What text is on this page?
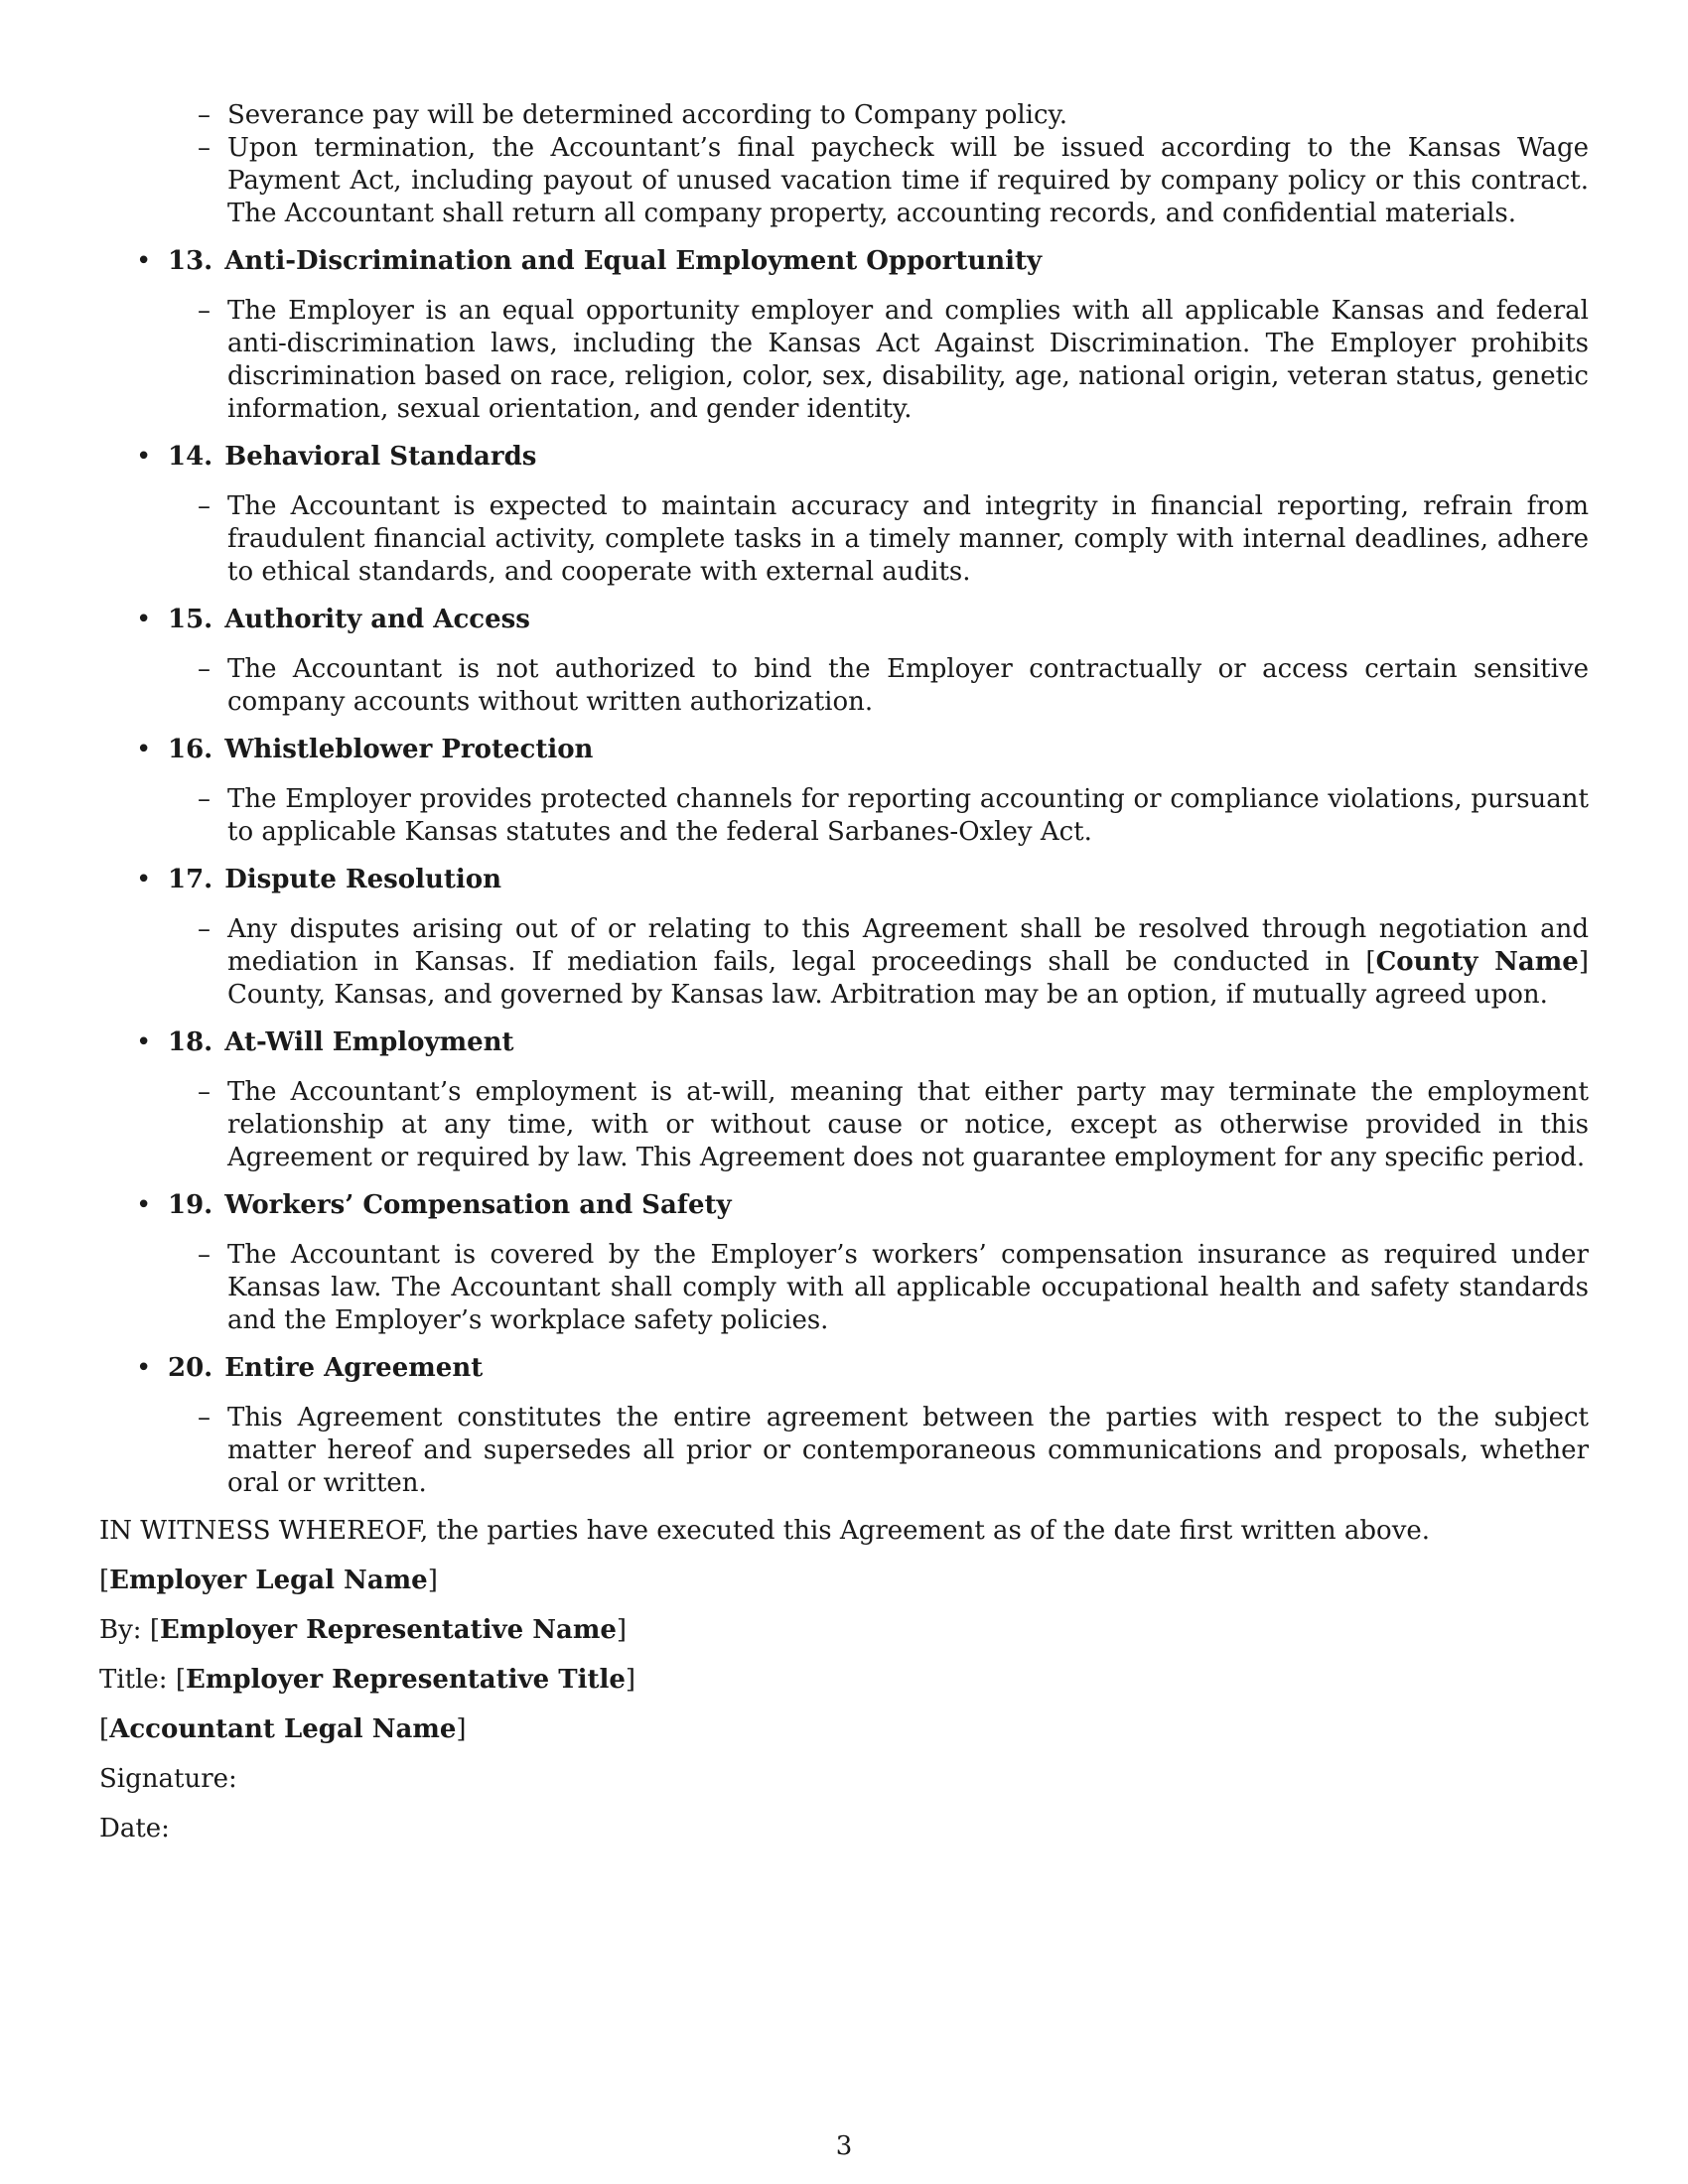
– Severance pay will be determined according to Company policy.
– Upon termination, the Accountant’s final paycheck will be issued according to the Kansas Wage Payment Act, including payout of unused vacation time if required by company policy or this contract. The Accountant shall return all company property, accounting records, and confidential materials.
• 13. Anti-Discrimination and Equal Employment Opportunity
– The Employer is an equal opportunity employer and complies with all applicable Kansas and federal anti-discrimination laws, including the Kansas Act Against Discrimination. The Employer prohibits discrimination based on race, religion, color, sex, disability, age, national origin, veteran status, genetic information, sexual orientation, and gender identity.
• 14. Behavioral Standards
– The Accountant is expected to maintain accuracy and integrity in financial reporting, refrain from fraudulent financial activity, complete tasks in a timely manner, comply with internal deadlines, adhere to ethical standards, and cooperate with external audits.
• 15. Authority and Access
– The Accountant is not authorized to bind the Employer contractually or access certain sensitive company accounts without written authorization.
• 16. Whistleblower Protection
– The Employer provides protected channels for reporting accounting or compliance violations, pursuant to applicable Kansas statutes and the federal Sarbanes-Oxley Act.
• 17. Dispute Resolution
– Any disputes arising out of or relating to this Agreement shall be resolved through negotiation and mediation in Kansas. If mediation fails, legal proceedings shall be conducted in [County Name] County, Kansas, and governed by Kansas law. Arbitration may be an option, if mutually agreed upon.
• 18. At-Will Employment
– The Accountant’s employment is at-will, meaning that either party may terminate the employment relationship at any time, with or without cause or notice, except as otherwise provided in this Agreement or required by law. This Agreement does not guarantee employment for any specific period.
• 19. Workers’ Compensation and Safety
– The Accountant is covered by the Employer’s workers’ compensation insurance as required under Kansas law. The Accountant shall comply with all applicable occupational health and safety standards and the Employer’s workplace safety policies.
• 20. Entire Agreement
– This Agreement constitutes the entire agreement between the parties with respect to the subject matter hereof and supersedes all prior or contemporaneous communications and proposals, whether oral or written.

IN WITNESS WHEREOF, the parties have executed this Agreement as of the date first written above.

[Employer Legal Name]
By: [Employer Representative Name]
Title: [Employer Representative Title]
[Accountant Legal Name]
Signature:
Date:
3
